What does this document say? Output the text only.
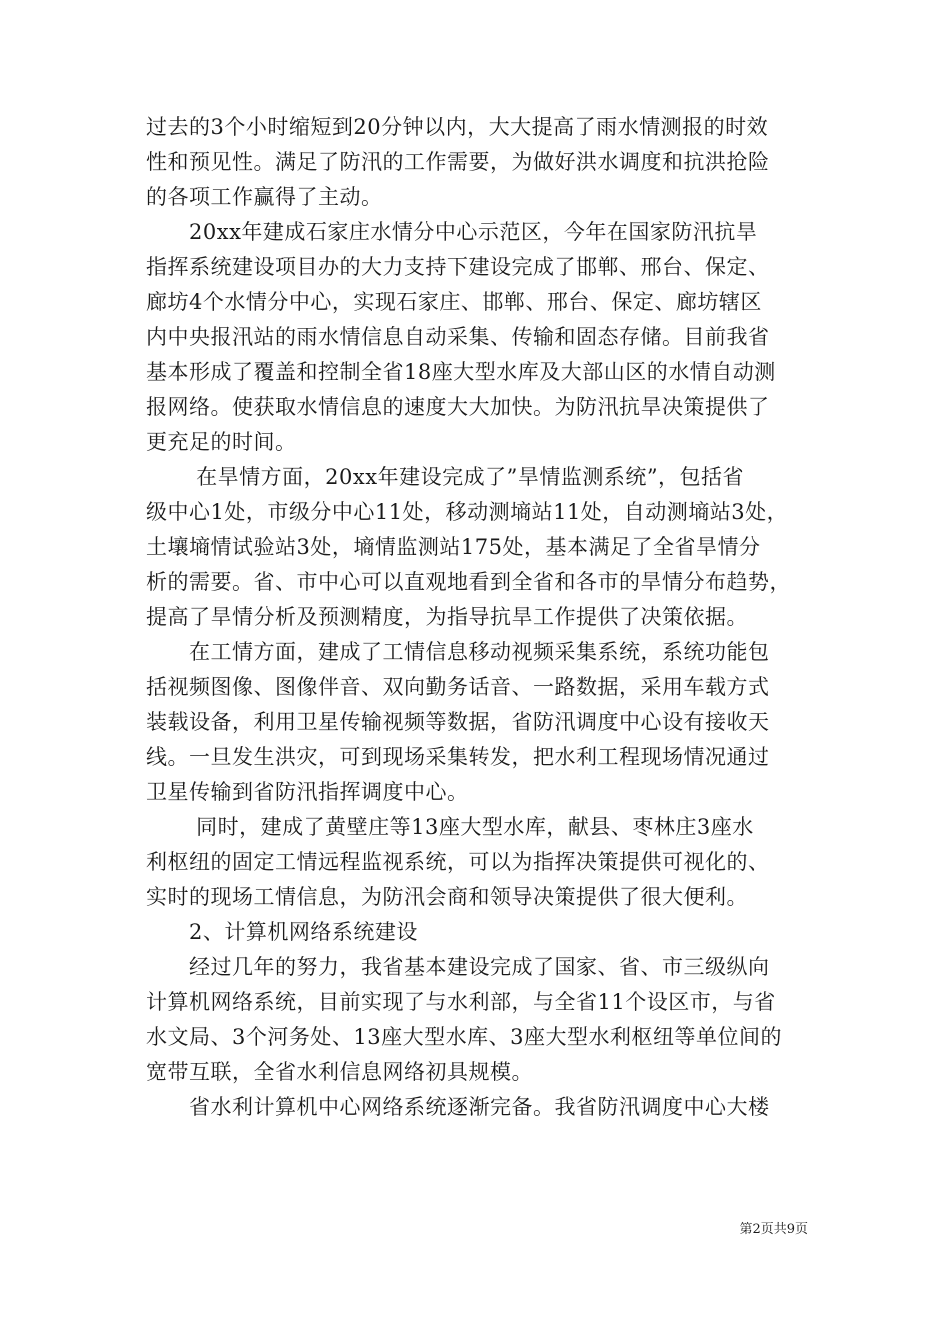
过去的3个小时缩短到20分钟以内，大大提高了雨水情测报的时效
性和预见性。满足了防汛的工作需要，为做好洪水调度和抗洪抢险
的各项工作赢得了主动。

　　20xx年建成石家庄水情分中心示范区，今年在国家防汛抗旱
指挥系统建设项目办的大力支持下建设完成了邯郸、邢台、保定、
廊坊4个水情分中心，实现石家庄、邯郸、邢台、保定、廊坊辖区
内中央报汛站的雨水情信息自动采集、传输和固态存储。目前我省
基本形成了覆盖和控制全省18座大型水库及大部山区的水情自动测
报网络。使获取水情信息的速度大大加快。为防汛抗旱决策提供了
更充足的时间。

　　 在旱情方面，20xx年建设完成了”旱情监测系统”，包括省
级中心1处，市级分中心11处，移动测墒站11处，自动测墒站3处，
土壤墒情试验站3处，墒情监测站175处，基本满足了全省旱情分
析的需要。省、市中心可以直观地看到全省和各市的旱情分布趋势，
提高了旱情分析及预测精度，为指导抗旱工作提供了决策依据。

　　在工情方面，建成了工情信息移动视频采集系统，系统功能包
括视频图像、图像伴音、双向勤务话音、一路数据，采用车载方式
装载设备，利用卫星传输视频等数据，省防汛调度中心设有接收天
线。一旦发生洪灾，可到现场采集转发，把水利工程现场情况通过
卫星传输到省防汛指挥调度中心。

　　 同时，建成了黄壁庄等13座大型水库，献县、枣林庄3座水
利枢纽的固定工情远程监视系统，可以为指挥决策提供可视化的、
实时的现场工情信息，为防汛会商和领导决策提供了很大便利。

　　2、计算机网络系统建设

　　经过几年的努力，我省基本建设完成了国家、省、市三级纵向
计算机网络系统，目前实现了与水利部，与全省11个设区市，与省
水文局、3个河务处、13座大型水库、3座大型水利枢纽等单位间的
宽带互联，全省水利信息网络初具规模。

　　省水利计算机中心网络系统逐渐完备。我省防汛调度中心大楼

第2页共9页
